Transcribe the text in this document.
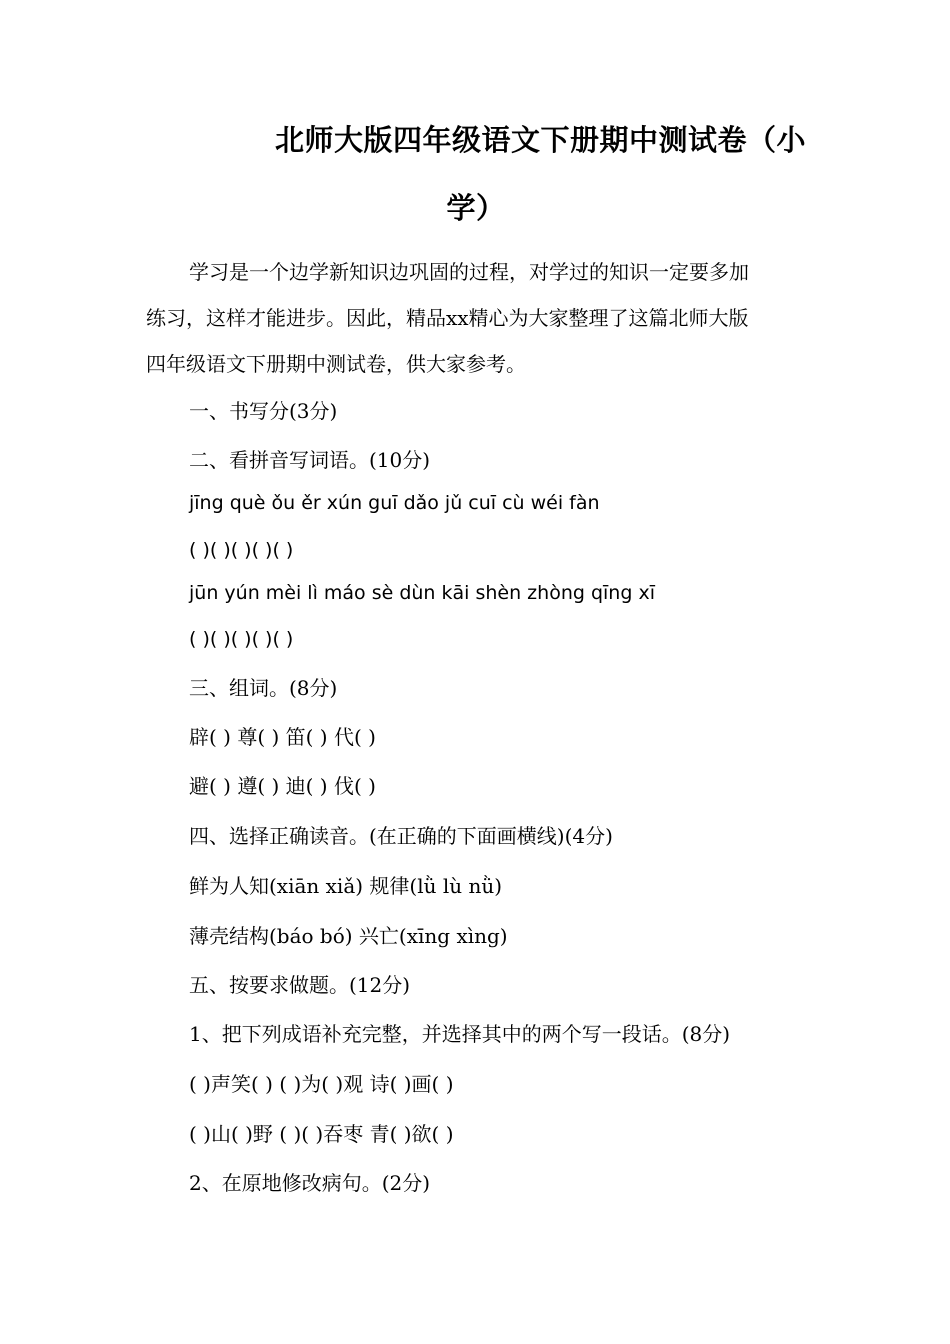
北师大版四年级语文下册期中测试卷（小
学）
学习是一个边学新知识边巩固的过程，对学过的知识一定要多加
练习，这样才能进步。因此，精品xx精心为大家整理了这篇北师大版
四年级语文下册期中测试卷，供大家参考。
一、书写分(3分)
二、看拼音写词语。(10分)
jīng què ǒu ěr xún guī dǎo jǔ cuī cù wéi fàn
( )( )( )( )( )
jūn yún mèi lì máo sè dùn kāi shèn zhòng qīng xī
( )( )( )( )( )
三、组词。(8分)
辟( ) 尊( ) 笛( ) 代( )
避( ) 遵( ) 迪( ) 伐( )
四、选择正确读音。(在正确的下面画横线)(4分)
鲜为人知(xiān xiǎ) 规律(lǜ lù nǜ)
薄壳结构(báo bó) 兴亡(xīng xìng)
五、按要求做题。(12分)
1、把下列成语补充完整，并选择其中的两个写一段话。(8分)
( )声笑( ) ( )为( )观 诗( )画( )
( )山( )野 ( )( )吞枣 青( )欲( )
2、在原地修改病句。(2分)
